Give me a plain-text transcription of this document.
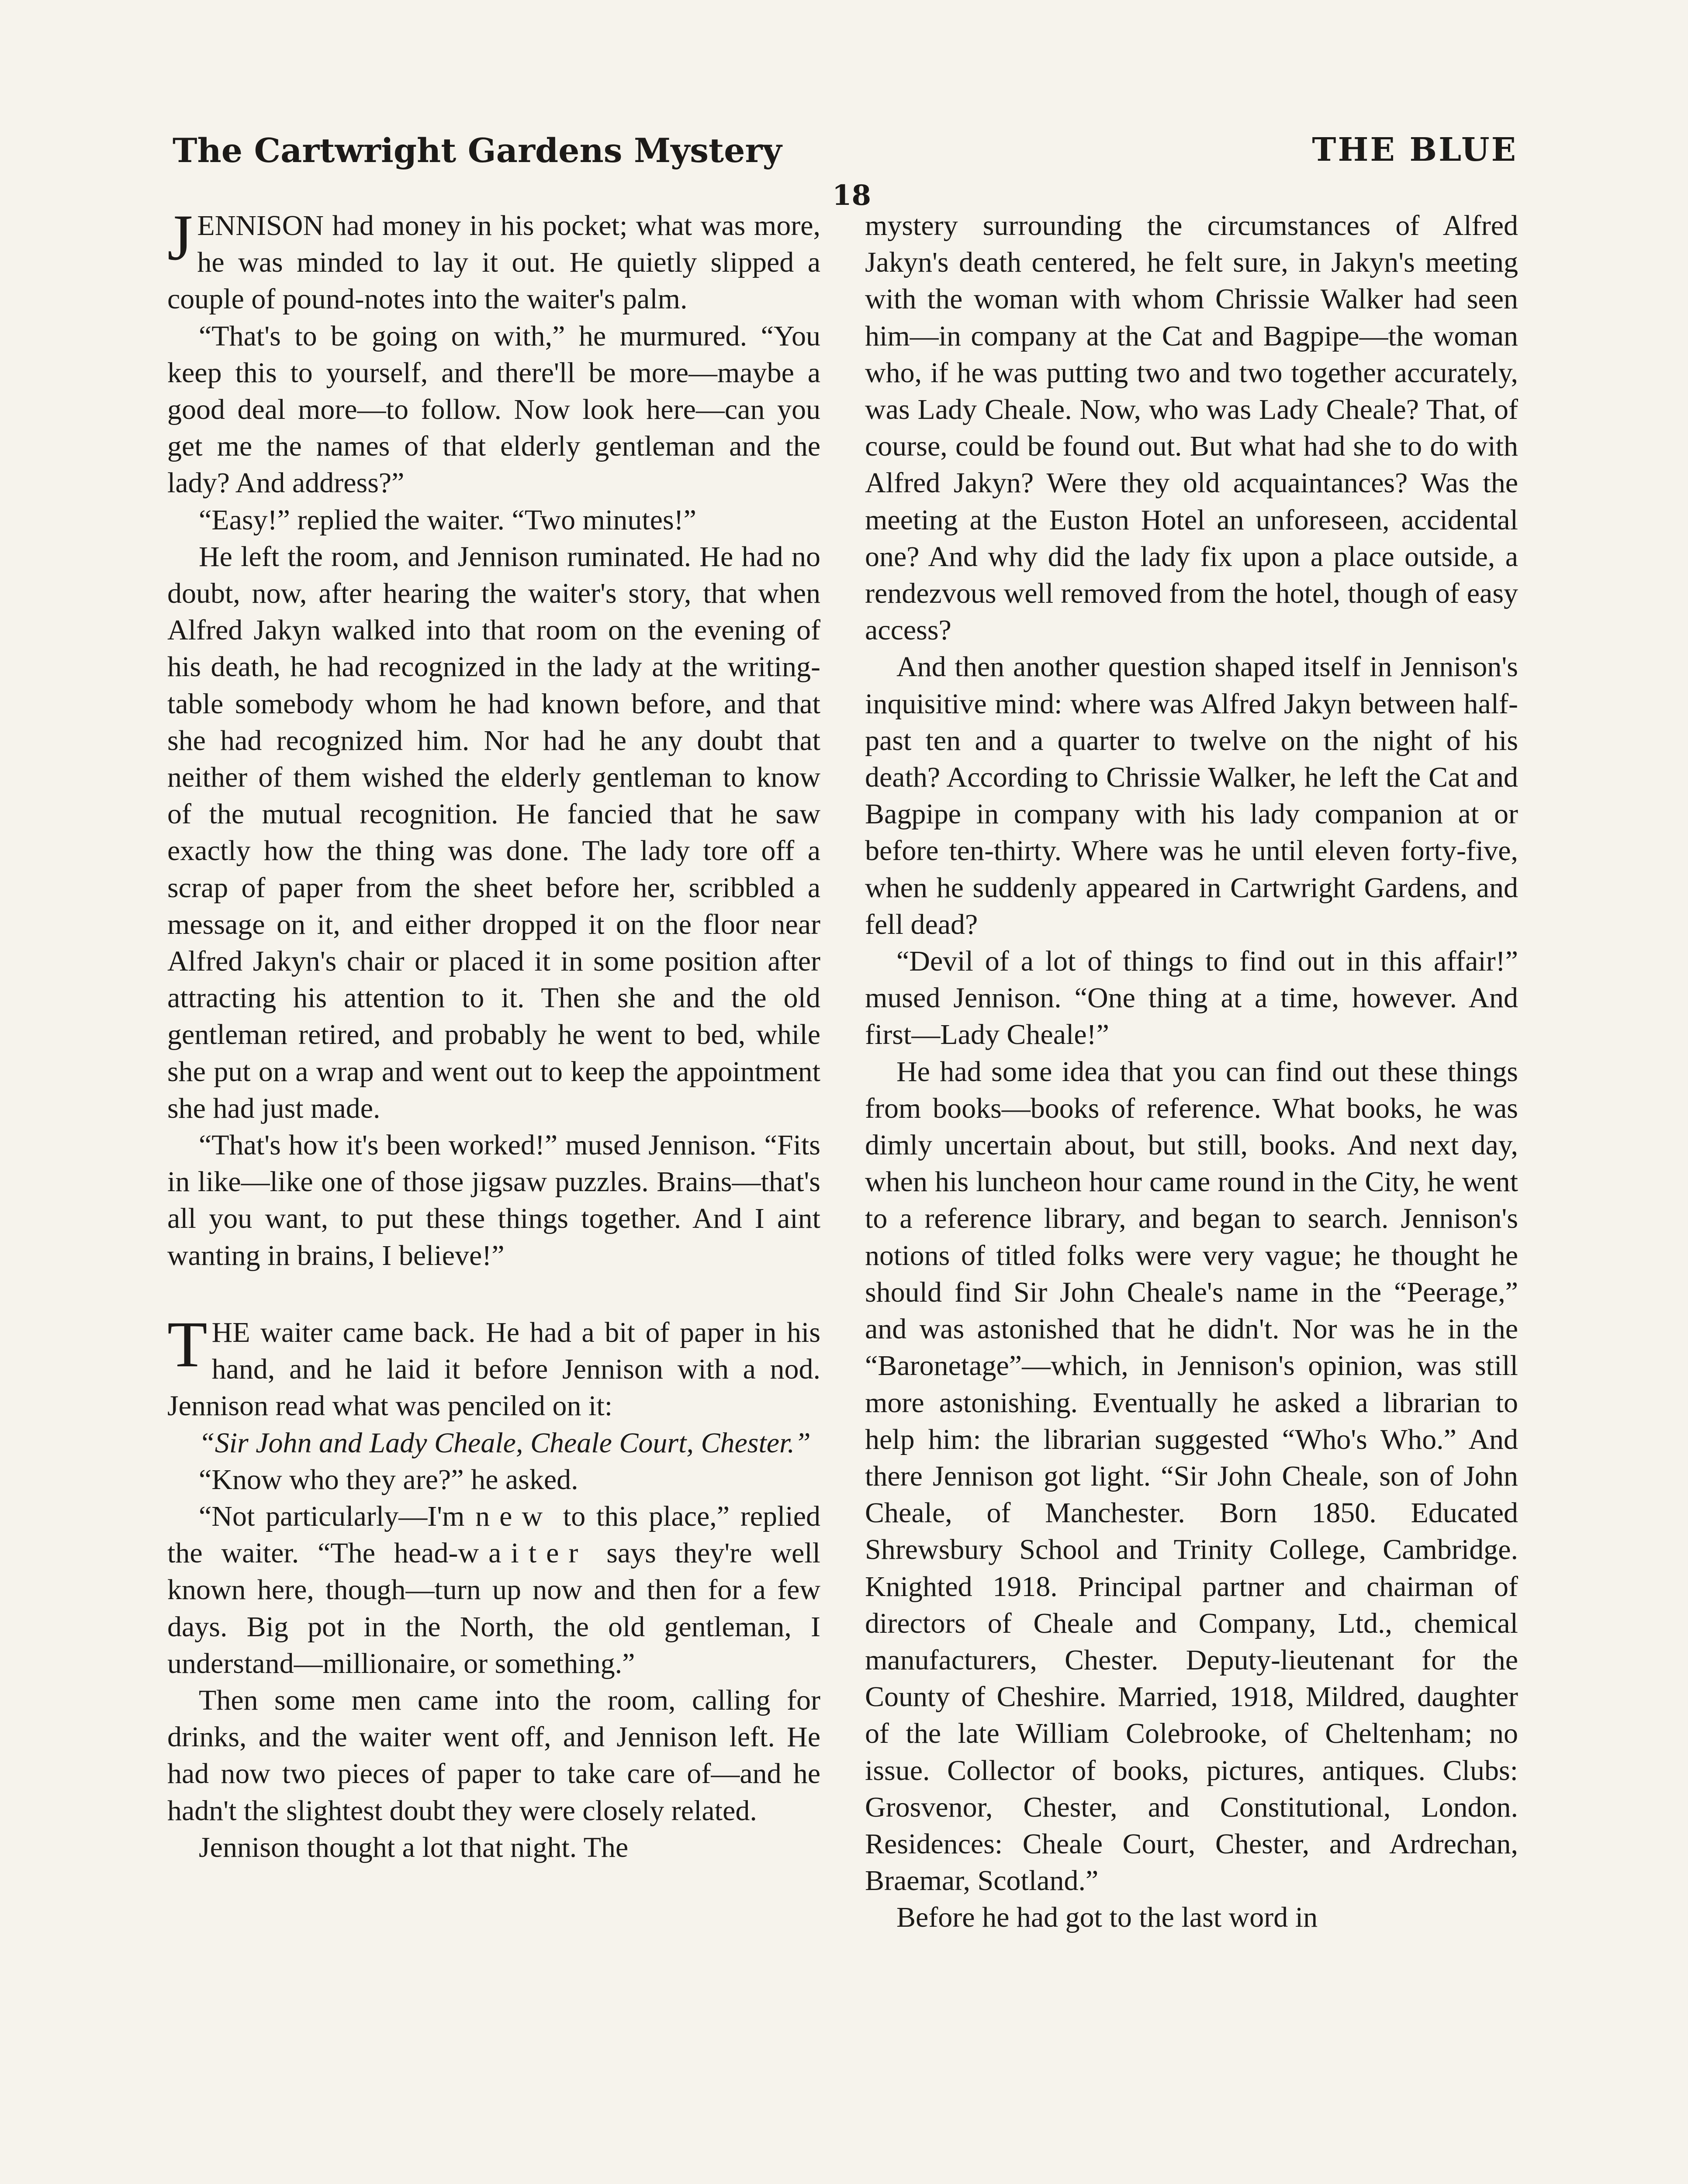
The Cartwright Gardens Mystery	THE BLUE
18

JENNISON had money in his pocket; what was more, he was minded to lay it out. He quietly slipped a couple of pound-notes into the waiter's palm.

“That's to be going on with,” he murmured. “You keep this to yourself, and there'll be more—maybe a good deal more—to follow. Now look here—can you get me the names of that elderly gentleman and the lady? And address?”

“Easy!” replied the waiter. “Two minutes!”

He left the room, and Jennison ruminated. He had no doubt, now, after hearing the waiter's story, that when Alfred Jakyn walked into that room on the evening of his death, he had recognized in the lady at the writing-table somebody whom he had known before, and that she had recognized him. Nor had he any doubt that neither of them wished the elderly gentleman to know of the mutual recognition. He fancied that he saw exactly how the thing was done. The lady tore off a scrap of paper from the sheet before her, scribbled a message on it, and either dropped it on the floor near Alfred Jakyn's chair or placed it in some position after attracting his attention to it. Then she and the old gentleman retired, and probably he went to bed, while she put on a wrap and went out to keep the appointment she had just made.

“That's how it's been worked!” mused Jennison. “Fits in like—like one of those jigsaw puzzles. Brains—that's all you want, to put these things together. And I aint wanting in brains, I believe!”

THE waiter came back. He had a bit of paper in his hand, and he laid it before Jennison with a nod. Jennison read what was penciled on it:

“Sir John and Lady Cheale, Cheale Court, Chester.”

“Know who they are?” he asked.

“Not particularly—I'm new to this place,” replied the waiter. “The head-waiter says they're well known here, though—turn up now and then for a few days. Big pot in the North, the old gentleman, I understand—millionaire, or something.”

Then some men came into the room, calling for drinks, and the waiter went off, and Jennison left. He had now two pieces of paper to take care of—and he hadn't the slightest doubt they were closely related.

Jennison thought a lot that night. The

mystery surrounding the circumstances of Alfred Jakyn's death centered, he felt sure, in Jakyn's meeting with the woman with whom Chrissie Walker had seen him—in company at the Cat and Bagpipe—the woman who, if he was putting two and two together accurately, was Lady Cheale. Now, who was Lady Cheale? That, of course, could be found out. But what had she to do with Alfred Jakyn? Were they old acquaintances? Was the meeting at the Euston Hotel an unforeseen, accidental one? And why did the lady fix upon a place outside, a rendezvous well removed from the hotel, though of easy access?

And then another question shaped itself in Jennison's inquisitive mind: where was Alfred Jakyn between half-past ten and a quarter to twelve on the night of his death? According to Chrissie Walker, he left the Cat and Bagpipe in company with his lady companion at or before ten-thirty. Where was he until eleven forty-five, when he suddenly appeared in Cartwright Gardens, and fell dead?

“Devil of a lot of things to find out in this affair!” mused Jennison. “One thing at a time, however. And first—Lady Cheale!”

He had some idea that you can find out these things from books—books of reference. What books, he was dimly uncertain about, but still, books. And next day, when his luncheon hour came round in the City, he went to a reference library, and began to search. Jennison's notions of titled folks were very vague; he thought he should find Sir John Cheale's name in the “Peerage,” and was astonished that he didn't. Nor was he in the “Baronetage”—which, in Jennison's opinion, was still more astonishing. Eventually he asked a librarian to help him: the librarian suggested “Who's Who.” And there Jennison got light. “Sir John Cheale, son of John Cheale, of Manchester. Born 1850. Educated Shrewsbury School and Trinity College, Cambridge. Knighted 1918. Principal partner and chairman of directors of Cheale and Company, Ltd., chemical manufacturers, Chester. Deputy-lieutenant for the County of Cheshire. Married, 1918, Mildred, daughter of the late William Colebrooke, of Cheltenham; no issue. Collector of books, pictures, antiques. Clubs: Grosvenor, Chester, and Constitutional, London. Residences: Cheale Court, Chester, and Ardrechan, Braemar, Scotland.”

Before he had got to the last word in
